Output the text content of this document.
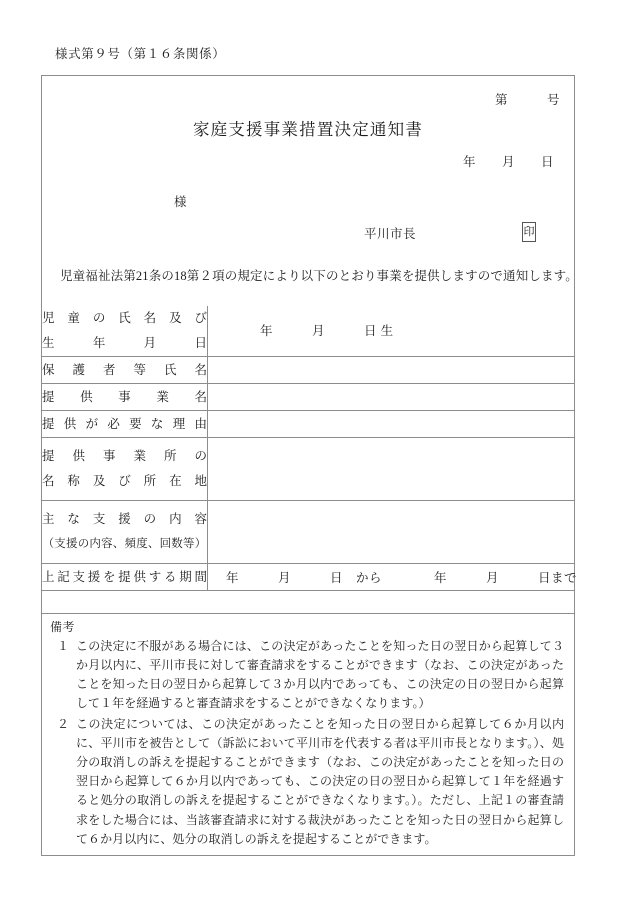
様式第９号（第１６条関係）
第　　　号
家庭支援事業措置決定通知書
年　　月　　日
様
平川市長	印
児童福祉法第21条の18第２項の規定により以下のとおり事業を提供しますので通知します。
児童の氏名及び
生　年　月　日	年　　　月　　　日 生

保護者等氏名	

提供事業名	

提供が必要な理由	

提供事業所の
名称及び所在地	

主な支援の内容
（支援の内容、頻度、回数等）	

上記支援を提供する期間	年　　　月　　　日　から　　　　年　　　月　　　日まで
備考
１ この決定に不服がある場合には、この決定があったことを知った日の翌日から起算して３か月以内に、平川市長に対して審査請求をすることができます（なお、この決定があったことを知った日の翌日から起算して３か月以内であっても、この決定の日の翌日から起算して１年を経過すると審査請求をすることができなくなります。）
２ この決定については、この決定があったことを知った日の翌日から起算して６か月以内に、平川市を被告として（訴訟において平川市を代表する者は平川市長となります。）、処分の取消しの訴えを提起することができます（なお、この決定があったことを知った日の翌日から起算して６か月以内であっても、この決定の日の翌日から起算して１年を経過すると処分の取消しの訴えを提起することができなくなります。）。ただし、上記１の審査請求をした場合には、当該審査請求に対する裁決があったことを知った日の翌日から起算して６か月以内に、処分の取消しの訴えを提起することができます。
